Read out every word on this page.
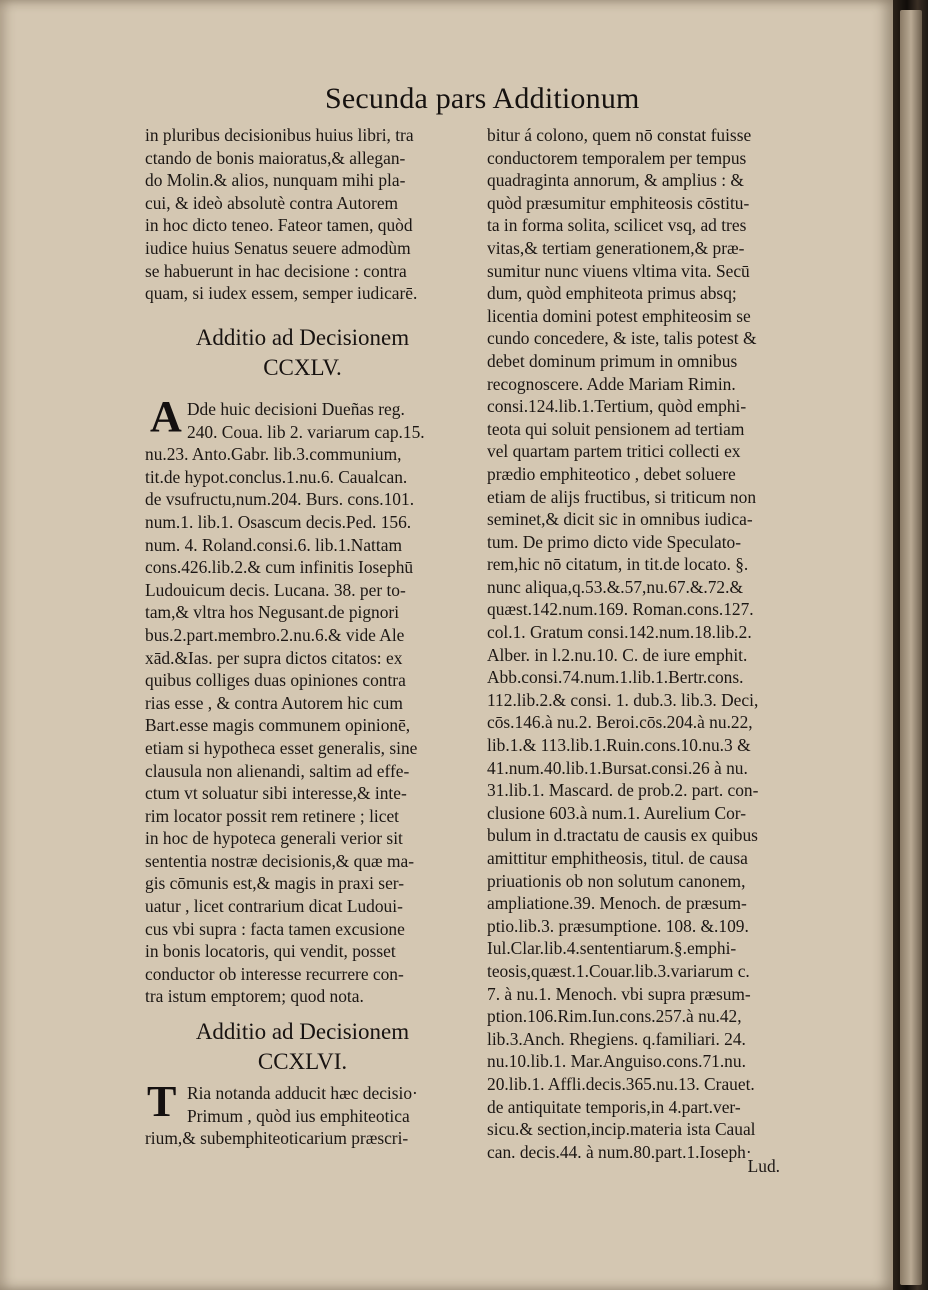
Secunda pars Additionum
in pluribus decisionibus huius libri, tra
ctando de bonis maioratus,& allegan-
do Molin.& alios, nunquam mihi pla-
cui, & ideò absolutè contra Autorem
in hoc dicto teneo. Fateor tamen, quòd
iudice huius Senatus seuere admodùm
se habuerunt in hac decisione : contra
quam, si iudex essem, semper iudicarē.
Additio ad Decisionem
CCXLV.
A Dde huic decisioni Dueñas reg.
240. Coua. lib 2. variarum cap.15.
nu.23. Anto.Gabr. lib.3.communium,
tit.de hypot.conclus.1.nu.6. Caualcan.
de vsufructu,num.204. Burs. cons.101.
num.1. lib.1. Osascum decis.Ped. 156.
num. 4. Roland.consi.6. lib.1.Nattam
cons.426.lib.2.& cum infinitis Iosephū
Ludouicum decis. Lucana. 38. per to-
tam,& vltra hos Negusant.de pignori
bus.2.part.membro.2.nu.6.& vide Ale
xād.&Ias. per supra dictos citatos: ex
quibus colliges duas opiniones contra
rias esse , & contra Autorem hic cum
Bart.esse magis communem opinionē,
etiam si hypotheca esset generalis, sine
clausula non alienandi, saltim ad effe-
ctum vt soluatur sibi interesse,& inte-
rim locator possit rem retinere ; licet
in hoc de hypoteca generali verior sit
sententia nostræ decisionis,& quæ ma-
gis cōmunis est,& magis in praxi ser-
uatur , licet contrarium dicat Ludoui-
cus vbi supra : facta tamen excusione
in bonis locatoris, qui vendit, posset
conductor ob interesse recurrere con-
tra istum emptorem; quod nota.
Additio ad Decisionem
CCXLVI.
T Ria notanda adducit hæc decisio·
Primum , quòd ius emphiteotica
rium,& subemphiteoticarium præscri-
bitur á colono, quem nō constat fuisse
conductorem temporalem per tempus
quadraginta annorum, & amplius : &
quòd præsumitur emphiteosis cōstitu-
ta in forma solita, scilicet vsq, ad tres
vitas,& tertiam generationem,& præ-
sumitur nunc viuens vltima vita. Secū
dum, quòd emphiteota primus absq;
licentia domini potest emphiteosim se
cundo concedere, & iste, talis potest &
debet dominum primum in omnibus
recognoscere. Adde Mariam Rimin.
consi.124.lib.1.Tertium, quòd emphi-
teota qui soluit pensionem ad tertiam
vel quartam partem tritici collecti ex
prædio emphiteotico , debet soluere
etiam de alijs fructibus, si triticum non
seminet,& dicit sic in omnibus iudica-
tum. De primo dicto vide Speculato-
rem,hic nō citatum, in tit.de locato. §.
nunc aliqua,q.53.&.57,nu.67.&.72.&
quæst.142.num.169. Roman.cons.127.
col.1. Gratum consi.142.num.18.lib.2.
Alber. in l.2.nu.10. C. de iure emphit.
Abb.consi.74.num.1.lib.1.Bertr.cons.
112.lib.2.& consi. 1. dub.3. lib.3. Deci,
cōs.146.à nu.2. Beroi.cōs.204.à nu.22,
lib.1.& 113.lib.1.Ruin.cons.10.nu.3 &
41.num.40.lib.1.Bursat.consi.26 à nu.
31.lib.1. Mascard. de prob.2. part. con-
clusione 603.à num.1. Aurelium Cor-
bulum in d.tractatu de causis ex quibus
amittitur emphitheosis, titul. de causa
priuationis ob non solutum canonem,
ampliatione.39. Menoch. de præsum-
ptio.lib.3. præsumptione. 108. &.109.
Iul.Clar.lib.4.sententiarum.§.emphi-
teosis,quæst.1.Couar.lib.3.variarum c.
7. à nu.1. Menoch. vbi supra præsum-
ption.106.Rim.Iun.cons.257.à nu.42,
lib.3.Anch. Rhegiens. q.familiari. 24.
nu.10.lib.1. Mar.Anguiso.cons.71.nu.
20.lib.1. Affli.decis.365.nu.13. Crauet.
de antiquitate temporis,in 4.part.ver-
sicu.& section,incip.materia ista Caual
can. decis.44. à num.80.part.1.Ioseph·
Lud.
